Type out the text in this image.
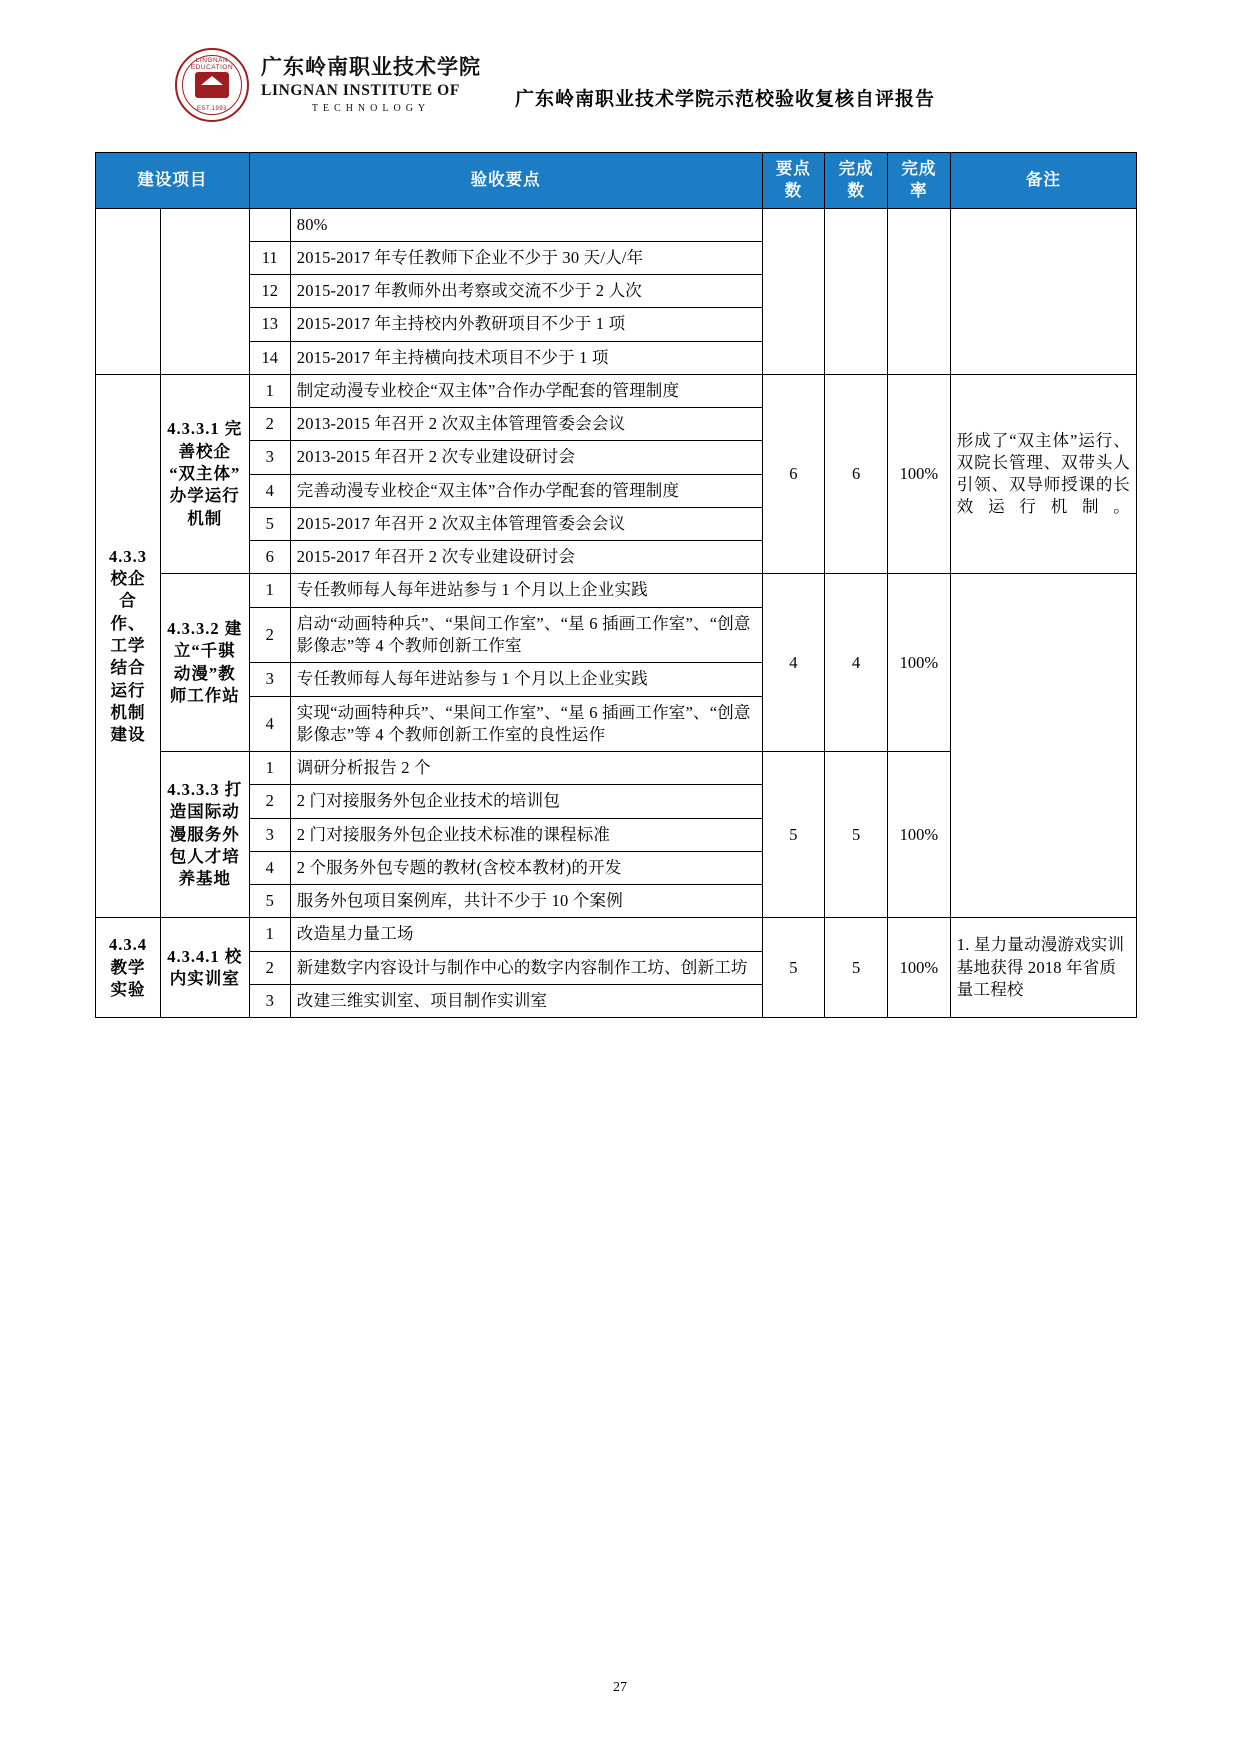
LINGNAN EDUCATION
EST.1993
广东岭南职业技术学院
LINGNAN INSTITUTE OF
TECHNOLOGY	广东岭南职业技术学院示范校验收复核自评报告
建设项目		验收要点		要点数	完成数	完成率	备注
			80%				
		11	2015-2017 年专任教师下企业不少于 30 天/人/年				
		12	2015-2017 年教师外出考察或交流不少于 2 人次				
		13	2015-2017 年主持校内外教研项目不少于 1 项				
		14	2015-2017 年主持横向技术项目不少于 1 项				
4.3.3 校企合作、工学结合运行机制建设	4.3.3.1 完善校企“双主体”办学运行机制	1	制定动漫专业校企“双主体”合作办学配套的管理制度	6	6	100%	形成了“双主体”运行、双院长管理、双带头人引领、双导师授课的长效运行机制。
		2	2013-2015 年召开 2 次双主体管理管委会会议				
		3	2013-2015 年召开 2 次专业建设研讨会				
		4	完善动漫专业校企“双主体”合作办学配套的管理制度				
		5	2015-2017 年召开 2 次双主体管理管委会会议				
		6	2015-2017 年召开 2 次专业建设研讨会				
	4.3.3.2 建立“千骐动漫”教师工作站	1	专任教师每人每年进站参与 1 个月以上企业实践	4	4	100%	
		2	启动“动画特种兵”、“果间工作室”、“星 6 插画工作室”、“创意影像志”等 4 个教师创新工作室				
		3	专任教师每人每年进站参与 1 个月以上企业实践				
		4	实现“动画特种兵”、“果间工作室”、“星 6 插画工作室”、“创意影像志”等 4 个教师创新工作室的良性运作				
	4.3.3.3 打造国际动漫服务外包人才培养基地	1	调研分析报告 2 个	5	5	100%	
		2	2 门对接服务外包企业技术的培训包				
		3	2 门对接服务外包企业技术标准的课程标准				
		4	2 个服务外包专题的教材(含校本教材)的开发				
		5	服务外包项目案例库，共计不少于 10 个案例				
4.3.4 教学实验	4.3.4.1 校内实训室	1	改造星力量工场	5	5	100%	1. 星力量动漫游戏实训基地获得 2018 年省质量工程校
		2	新建数字内容设计与制作中心的数字内容制作工坊、创新工坊				
		3	改建三维实训室、项目制作实训室				
27
